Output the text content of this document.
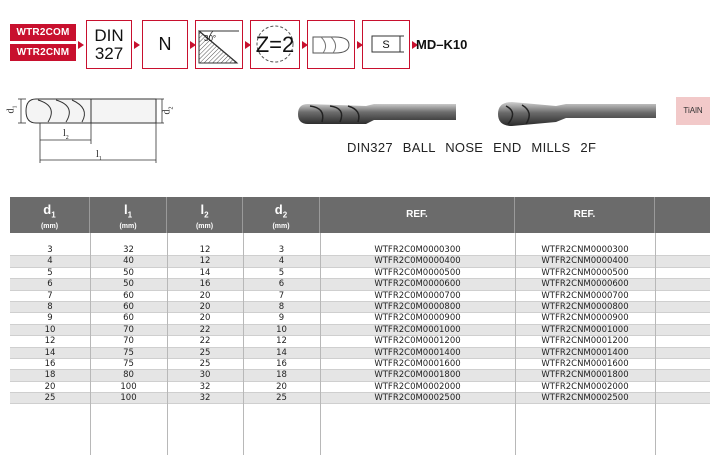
WTR2COM
WTR2CNM
DIN
327 N	30° Z=2	S MD–K10
$d_1$
$d_2$
$l_2$
$l_1$
TiAlN
DIN327 BALL NOSE END MILLS 2F
$d_1$
(mm)
$l_1$
(mm)
$l_2$
(mm)
$d_2$
(mm)
REF.	REF.
3	32	12	3	WTFR2C0M0000300	WTFR2CNM0000300
4	40	12	4	WTFR2C0M0000400	WTFR2CNM0000400
5	50	14	5	WTFR2C0M0000500	WTFR2CNM0000500
6	50	16	6	WTFR2C0M0000600	WTFR2CNM0000600
7	60	20	7	WTFR2C0M0000700	WTFR2CNM0000700
8	60	20	8	WTFR2C0M0000800	WTFR2CNM0000800
9	60	20	9	WTFR2C0M0000900	WTFR2CNM0000900
10	70	22	10	WTFR2C0M0001000	WTFR2CNM0001000
12	70	22	12	WTFR2C0M0001200	WTFR2CNM0001200
14	75	25	14	WTFR2C0M0001400	WTFR2CNM0001400
16	75	25	16	WTFR2C0M0001600	WTFR2CNM0001600
18	80	30	18	WTFR2C0M0001800	WTFR2CNM0001800
20	100	32	20	WTFR2C0M0002000	WTFR2CNM0002000
25	100	32	25	WTFR2C0M0002500	WTFR2CNM0002500
